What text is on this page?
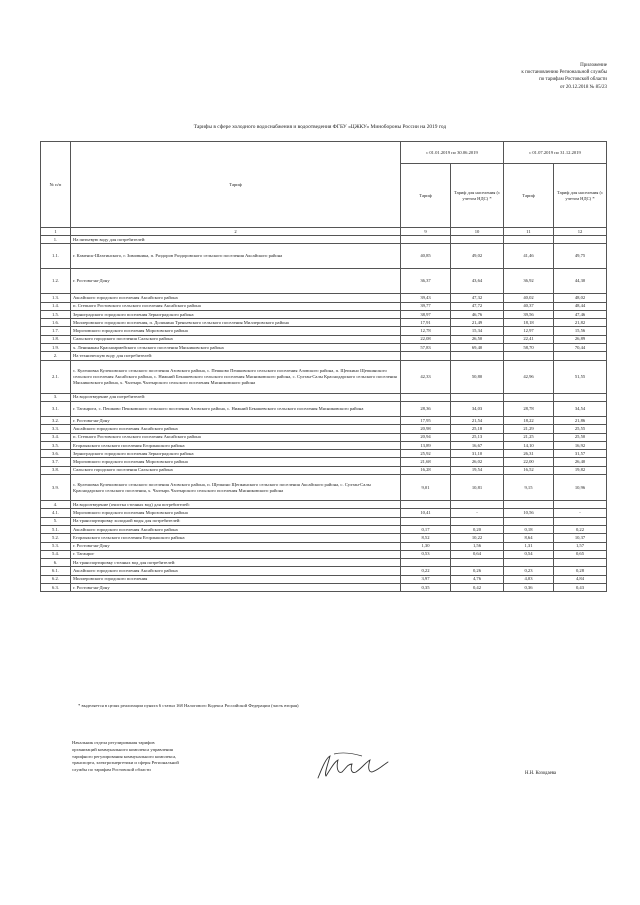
Приложение
к постановлению Региональной службы
по тарифам Ростовской области
от 20.12.2018 № 85/23
Тарифы в сфере холодного водоснабжения и водоотведения ФГБУ «ЦЖКУ» Минобороны России на 2019 год
№ п/п	Тариф	с 01.01.2019 по 30.06.2019		с 01.07.2019 по 31.12.2019	
		Тариф	Тариф для населения (с учетом НДС) *	Тариф	Тариф для населения (с учетом НДС) *
1	2	9	10	11	12
1.	На питьевую воду для потребителей:				
1.1.	г. Каменск-Шахтинского, г. Зимовника, п. Раздоров Раздоровского сельского поселения Аксайского района	40,85	49,02	41,46	49,75
1.2.	г. Ростова-на-Дону	36,37	43,64	36,92	44,30
1.3.	Аксайского городского поселения Аксайского района	39,43	47,32	40,02	48,02
1.4.	п. Степного Ростовского сельского поселения Аксайского района	39,77	47,72	40,37	48,44
1.5.	Зерноградского городского поселения Зерноградского района	38,97	46,76	39,56	47,46
1.6.	Миллеровского городского поселения, п. Долинина Треньевского сельского поселения Миллеровского района	17,91	21,49	18,18	21,82
1.7.	Морозовского городского поселения Морозовского района	12,78	15,34	12,97	15,56
1.8.	Сальского городского поселения Сальского района	22,08	26,50	22,41	26,89
1.9.	х. Ленинакан Красноармейского сельского поселения Мясниковского района	57,83	69,40	58,70	70,44
2.	На техническую воду для потребителей:				
2.1.	с. Кулешовка Кулешовского сельского поселения Азовского района, с. Пешково Пешковского сельского поселения Азовского района, п. Щепкино Щепкинского сельского поселения Аксайского района, с. Нижний Бекашевского сельского поселения Мясниковского района, с. Султан-Салы Краснодарского сельского поселения Мясниковского района, х. Чалтырь Чалтырского сельского поселения Мясниковского района	42,33	50,80	42,96	51,55
3.	На водоотведение для потребителей:				
3.1.	г. Таганрога, с. Пешково Пешковского сельского поселения Азовского района, с. Нижний Бекашевского сельского поселения Мясниковского района	28,36	34,03	28,78	34,54
3.2.	г. Ростова-на-Дону	17,95	21,54	18,22	21,86
3.3.	Аксайского городского поселения Аксайского района	20,98	25,18	21,29	25,55
3.4.	п. Степного Ростовского сельского поселения Аксайского района	20,94	25,13	21,25	25,50
3.5.	Егорлыкского сельского поселения Егорлыкского района	13,89	16,67	14,10	16,92
3.6.	Зерноградского городского поселения Зерноградского района	25,92	31,10	26,31	31,57
3.7.	Морозовского городского поселения Морозовского района	21,68	26,02	22,00	26,40
3.8.	Сальского городского поселения Сальского района	16,28	19,54	16,52	19,82
3.9.	с. Кулешовка Кулешовского сельского поселения Азовского района, п. Щепкино Щепкинского сельского поселения Аксайского района, с. Султан-Салы Краснодарского сельского поселения, х. Чалтырь Чалтырского сельского поселения Мясниковского района	9,01	10,81	9,15	10,96
4.	На водоотведение (очистка сточных вод) для потребителей:				
4.1.	Морозовского городского поселения Морозовского района	10,41	-	10,56	-
5.	На транспортировку холодной воды для потребителей:				
5.1.	Аксайского городского поселения Аксайского района	0,17	0,20	0,18	0,22
5.2.	Егорлыкского сельского поселения Егорлыкского района	8,52	10,22	8,64	10,37
5.3.	г. Ростова-на-Дону	1,30	1,56	1,31	1,57
5.4.	г. Таганрог	0,53	0,64	0,54	0,65
6.	На транспортировку сточных вод для потребителей:				
6.1.	Аксайского городского поселения Аксайского района	0,22	0,26	0,23	0,28
6.2.	Миллеровского городского поселения	3,97	4,76	4,03	4,84
6.3.	г. Ростова-на-Дону	0,35	0,42	0,36	0,43
* выделяется в целях реализации пункта 6 статьи 168 Налогового Кодекса Российской Федерации (часть вторая)
Начальник отдела регулирования тарифов
организаций коммунального комплекса управления
тарифного регулирования коммунального комплекса,
транспорта, электроэнергетики и сферы Региональной
службы по тарифам Ростовской области
Н.Н. Козодаева
